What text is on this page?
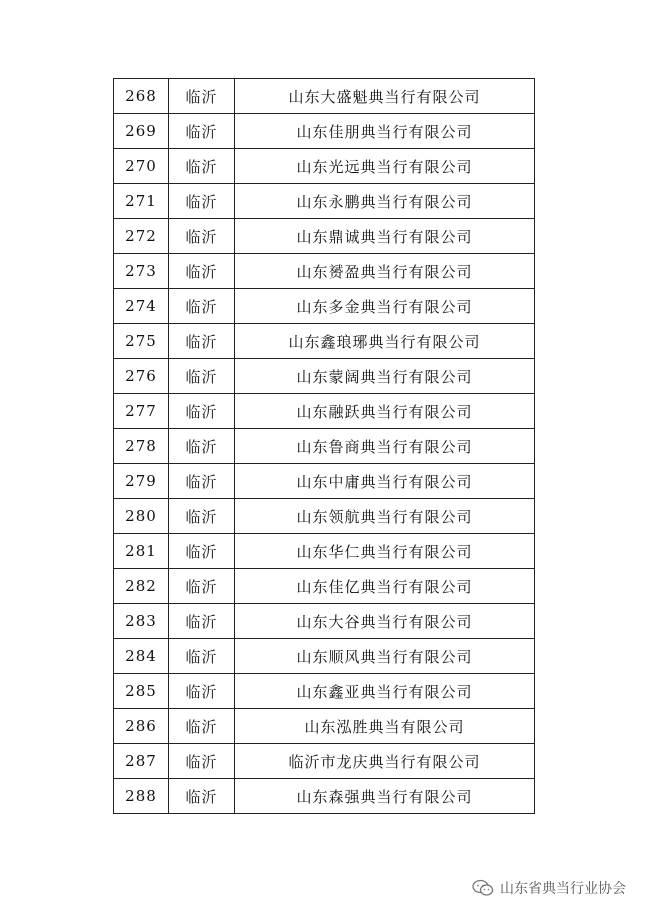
268	临沂	山东大盛魁典当行有限公司
269	临沂	山东佳朋典当行有限公司
270	临沂	山东光远典当行有限公司
271	临沂	山东永鹏典当行有限公司
272	临沂	山东鼎诚典当行有限公司
273	临沂	山东赟盈典当行有限公司
274	临沂	山东多金典当行有限公司
275	临沂	山东鑫琅琊典当行有限公司
276	临沂	山东蒙阔典当行有限公司
277	临沂	山东融跃典当行有限公司
278	临沂	山东鲁商典当行有限公司
279	临沂	山东中庸典当行有限公司
280	临沂	山东领航典当行有限公司
281	临沂	山东华仁典当行有限公司
282	临沂	山东佳亿典当行有限公司
283	临沂	山东大谷典当行有限公司
284	临沂	山东顺风典当行有限公司
285	临沂	山东鑫亚典当行有限公司
286	临沂	山东泓胜典当有限公司
287	临沂	临沂市龙庆典当行有限公司
288	临沂	山东森强典当行有限公司
山东省典当行业协会
